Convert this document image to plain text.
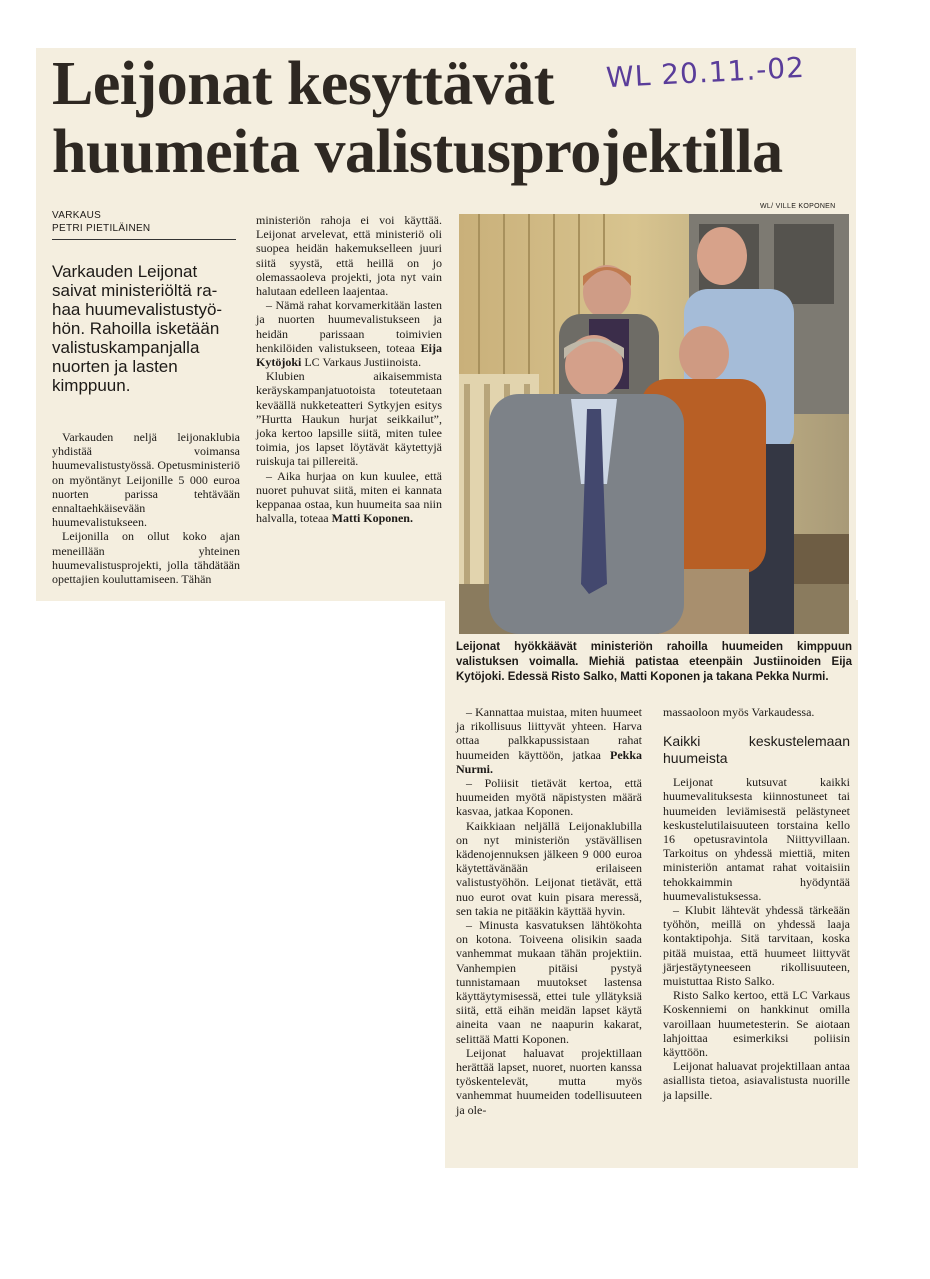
Leijonat kesyttävät
huumeita valistusprojektilla
WL 20.11.-02
VARKAUS
PETRI PIETILÄINEN
Varkauden Leijonat
saivat ministeriöltä ra-
haa huumevalistustyö-
hön. Rahoilla isketään
valistuskampanjalla
nuorten ja lasten
kimppuun.

Varkauden neljä leijonaklubia yhdistää voimansa huumevalistustyössä. Opetusministeriö on myöntänyt Leijonille 5 000 euroa nuorten parissa tehtävään ennaltaehkäisevään huumevalistukseen.

Leijonilla on ollut koko ajan meneillään yhteinen huumevalistusprojekti, jolla tähdätään opettajien kouluttamiseen. Tähän

ministeriön rahoja ei voi käyttää. Leijonat arvelevat, että ministeriö oli suopea heidän hakemukselleen juuri siitä syystä, että heillä on jo olemassaoleva projekti, jota nyt vain halutaan edelleen laajentaa.

– Nämä rahat korvamerkitään lasten ja nuorten huumevalistukseen ja heidän parissaan toimivien henkilöiden valistukseen, toteaa Eija Kytöjoki LC Varkaus Justiinoista.

Klubien aikaisemmista keräyskampanjatuotoista toteutetaan keväällä nukketeatteri Sytkyjen esitys ”Hurtta Haukun hurjat seikkailut”, joka kertoo lapsille siitä, miten tulee toimia, jos lapset löytävät käytettyjä ruiskuja tai pillereitä.

– Aika hurjaa on kun kuulee, että nuoret puhuvat siitä, miten ei kannata keppanaa ostaa, kun huumeita saa niin halvalla, toteaa Matti Koponen.

WL/ VILLE KOPONEN
Leijonat hyökkäävät ministeriön rahoilla huumeiden kimppuun valistuksen voimalla. Miehiä patistaa eteenpäin Justiinoiden Eija Kytöjoki. Edessä Risto Salko, Matti Koponen ja takana Pekka Nurmi.

– Kannattaa muistaa, miten huumeet ja rikollisuus liittyvät yhteen. Harva ottaa palkkapussistaan rahat huumeiden käyttöön, jatkaa Pekka Nurmi.

– Poliisit tietävät kertoa, että huumeiden myötä näpistysten määrä kasvaa, jatkaa Koponen.

Kaikkiaan neljällä Leijonaklubilla on nyt ministeriön ystävällisen kädenojennuksen jälkeen 9 000 euroa käytettävänään erilaiseen valistustyöhön. Leijonat tietävät, että nuo eurot ovat kuin pisara meressä, sen takia ne pitääkin käyttää hyvin.

– Minusta kasvatuksen lähtökohta on kotona. Toiveena olisikin saada vanhemmat mukaan tähän projektiin. Vanhempien pitäisi pystyä tunnistamaan muutokset lastensa käyttäytymisessä, ettei tule yllätyksiä siitä, että eihän meidän lapset käytä aineita vaan ne naapurin kakarat, selittää Matti Koponen.

Leijonat haluavat projektillaan herättää lapset, nuoret, nuorten kanssa työskentelevät, mutta myös vanhemmat huumeiden todellisuuteen ja ole-

massaoloon myös Varkaudessa.

Kaikki keskustelemaan huumeista

Leijonat kutsuvat kaikki huumevalituksesta kiinnostuneet tai huumeiden leviämisestä pelästyneet keskustelutilaisuuteen torstaina kello 16 opetusravintola Niittyvillaan. Tarkoitus on yhdessä miettiä, miten ministeriön antamat rahat voitaisiin tehokkaimmin hyödyntää huumevalistuksessa.

– Klubit lähtevät yhdessä tärkeään työhön, meillä on yhdessä laaja kontaktipohja. Sitä tarvitaan, koska pitää muistaa, että huumeet liittyvät järjestäytyneeseen rikollisuuteen, muistuttaa Risto Salko.

Risto Salko kertoo, että LC Varkaus Koskenniemi on hankkinut omilla varoillaan huumetesterin. Se aiotaan lahjoittaa esimerkiksi poliisin käyttöön.

Leijonat haluavat projektillaan antaa asiallista tietoa, asiavalistusta nuorille ja lapsille.
